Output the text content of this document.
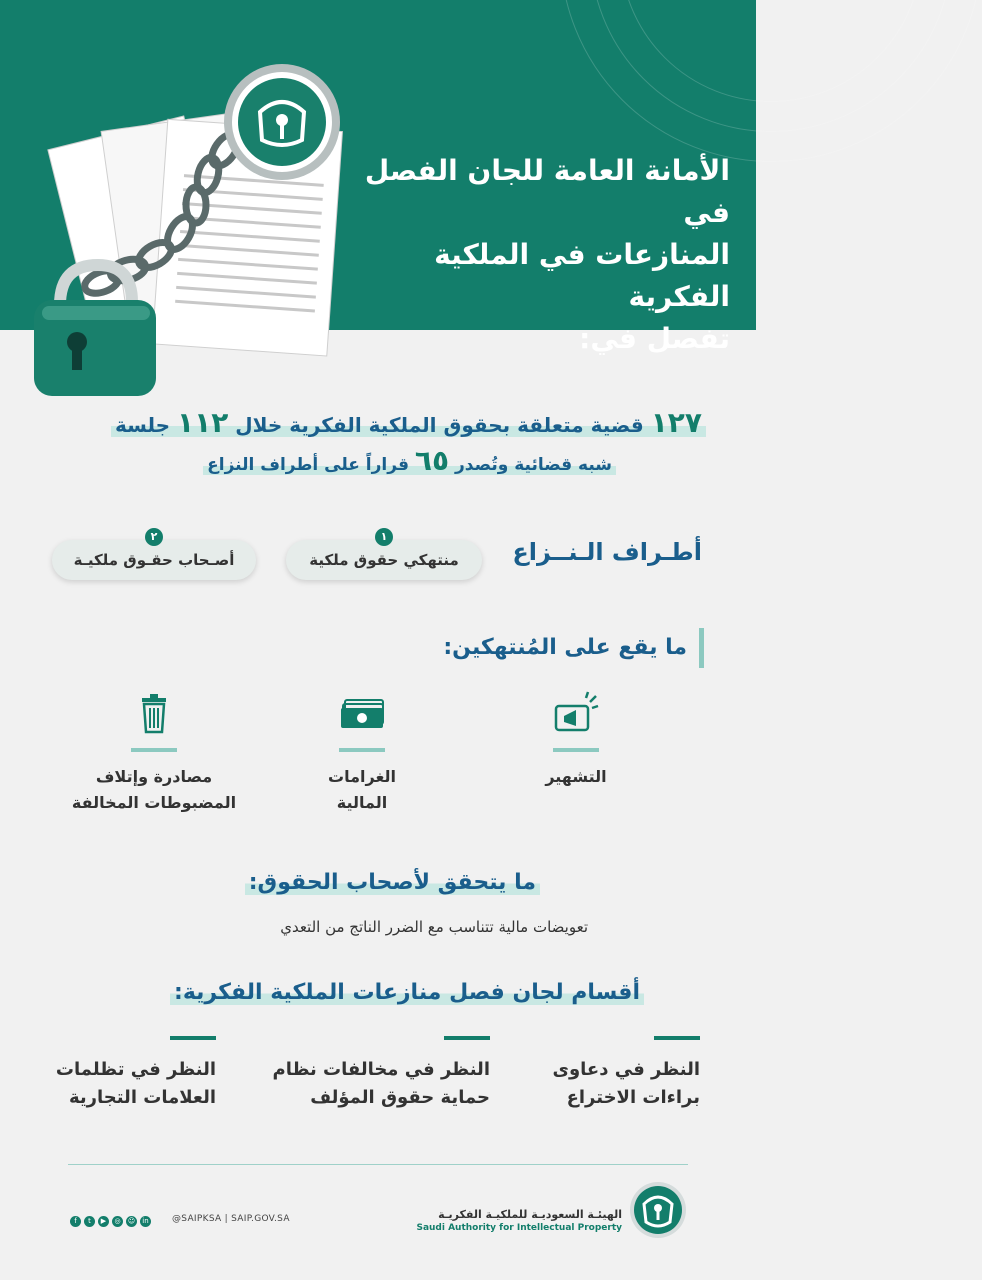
الأمانة العامة للجان الفصل في
المنازعات في الملكية الفكرية
تفصل في:
١٢٧ قضية متعلقة بحقوق الملكية الفكرية خلال ١١٢ جلسة
شبه قضائية وتُصدر ٦٥ قراراً على أطراف النزاع
أطـراف الـنــزاع
١
منتهكي حقوق ملكية
٢
أصـحاب حقـوق ملكيـة
ما يقع على المُنتهكين:
التشهير
الغرامات
المالية
مصادرة وإتلاف
المضبوطات المخالفة
ما يتحقق لأصحاب الحقوق:
تعويضات مالية تتناسب مع الضرر الناتج من التعدي
أقسام لجان فصل منازعات الملكية الفكرية:
النظر في دعاوى
براءات الاختراع
النظر في مخالفات نظام
حماية حقوق المؤلف
النظر في تظلمات
العلامات التجارية
f	t	▶	◎	☺	in	@SAIPKSA | SAIP.GOV.SA	الهيئـة السعوديـة للملكيـة الفكريـة
Saudi Authority for Intellectual Property
